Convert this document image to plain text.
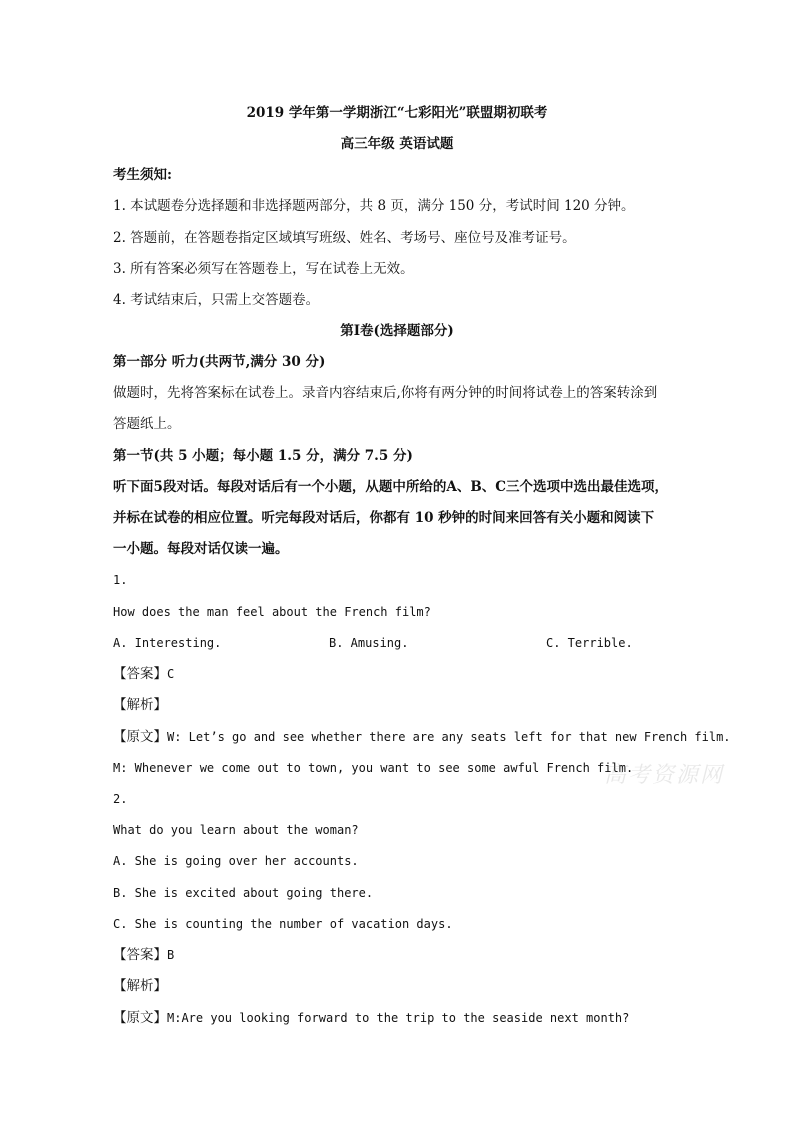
2019 学年第一学期浙江“七彩阳光”联盟期初联考
高三年级 英语试题
考生须知:
1. 本试题卷分选择题和非选择题两部分，共 8 页，满分 150 分，考试时间 120 分钟。
2. 答题前，在答题卷指定区域填写班级、姓名、考场号、座位号及准考证号。
3. 所有答案必须写在答题卷上，写在试卷上无效。
4. 考试结束后，只需上交答题卷。
第Ⅰ卷(选择题部分)
第一部分 听力(共两节,满分 30 分)
做题时，先将答案标在试卷上。录音内容结束后,你将有两分钟的时间将试卷上的答案转涂到
答题纸上。
第一节(共 5 小题；每小题 1.5 分，满分 7.5 分)
听下面5段对话。每段对话后有一个小题，从题中所给的A、B、C三个选项中选出最佳选项，
并标在试卷的相应位置。听完每段对话后，你都有 10 秒钟的时间来回答有关小题和阅读下
一小题。每段对话仅读一遍。
1.
How does the man feel about the French film?
A. Interesting.	B. Amusing.	C. Terrible.
【答案】C
【解析】
【原文】W: Let’s go and see whether there are any seats left for that new French film.
M: Whenever we come out to town, you want to see some awful French film.
2.
What do you learn about the woman?
A. She is going over her accounts.
B. She is excited about going there.
C. She is counting the number of vacation days.
【答案】B
【解析】
【原文】M:Are you looking forward to the trip to the seaside next month?
高考资源网
